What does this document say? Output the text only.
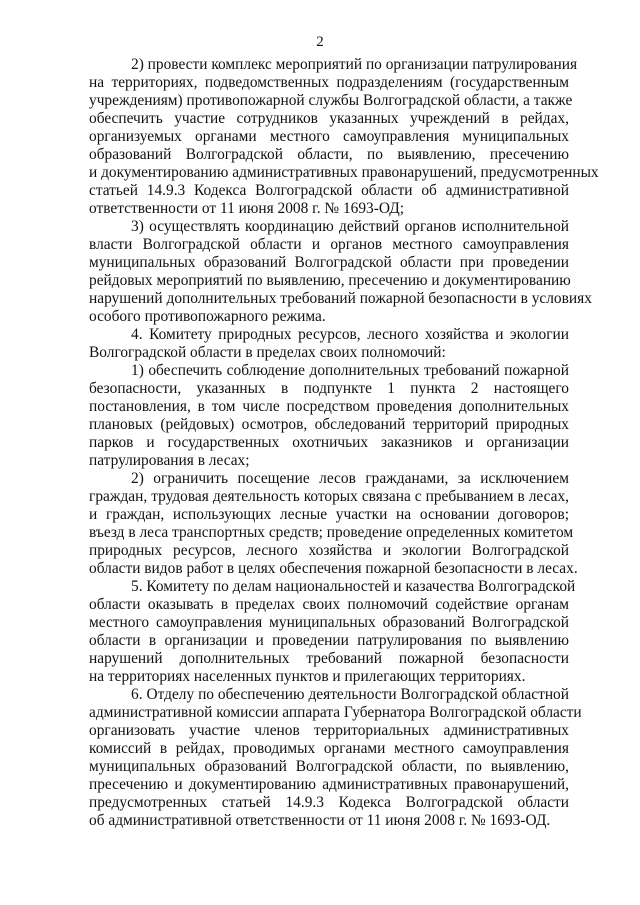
2
2) провести комплекс мероприятий по организации патрулирования
на территориях, подведомственных подразделениям (государственным
учреждениям) противопожарной службы Волгоградской области, а также
обеспечить участие сотрудников указанных учреждений в рейдах,
организуемых органами местного самоуправления муниципальных
образований Волгоградской области, по выявлению, пресечению
и документированию административных правонарушений, предусмотренных
статьей 14.9.3 Кодекса Волгоградской области об административной
ответственности от 11 июня 2008 г. № 1693-ОД;
3) осуществлять координацию действий органов исполнительной
власти Волгоградской области и органов местного самоуправления
муниципальных образований Волгоградской области при проведении
рейдовых мероприятий по выявлению, пресечению и документированию
нарушений дополнительных требований пожарной безопасности в условиях
особого противопожарного режима.
4. Комитету природных ресурсов, лесного хозяйства и экологии
Волгоградской области в пределах своих полномочий:
1) обеспечить соблюдение дополнительных требований пожарной
безопасности, указанных в подпункте 1 пункта 2 настоящего
постановления, в том числе посредством проведения дополнительных
плановых (рейдовых) осмотров, обследований территорий природных
парков и государственных охотничьих заказников и организации
патрулирования в лесах;
2) ограничить посещение лесов гражданами, за исключением
граждан, трудовая деятельность которых связана с пребыванием в лесах,
и граждан, использующих лесные участки на основании договоров;
въезд в леса транспортных средств; проведение определенных комитетом
природных ресурсов, лесного хозяйства и экологии Волгоградской
области видов работ в целях обеспечения пожарной безопасности в лесах.
5. Комитету по делам национальностей и казачества Волгоградской
области оказывать в пределах своих полномочий содействие органам
местного самоуправления муниципальных образований Волгоградской
области в организации и проведении патрулирования по выявлению
нарушений дополнительных требований пожарной безопасности
на территориях населенных пунктов и прилегающих территориях.
6. Отделу по обеспечению деятельности Волгоградской областной
административной комиссии аппарата Губернатора Волгоградской области
организовать участие членов территориальных административных
комиссий в рейдах, проводимых органами местного самоуправления
муниципальных образований Волгоградской области, по выявлению,
пресечению и документированию административных правонарушений,
предусмотренных статьей 14.9.3 Кодекса Волгоградской области
об административной ответственности от 11 июня 2008 г. № 1693-ОД.
